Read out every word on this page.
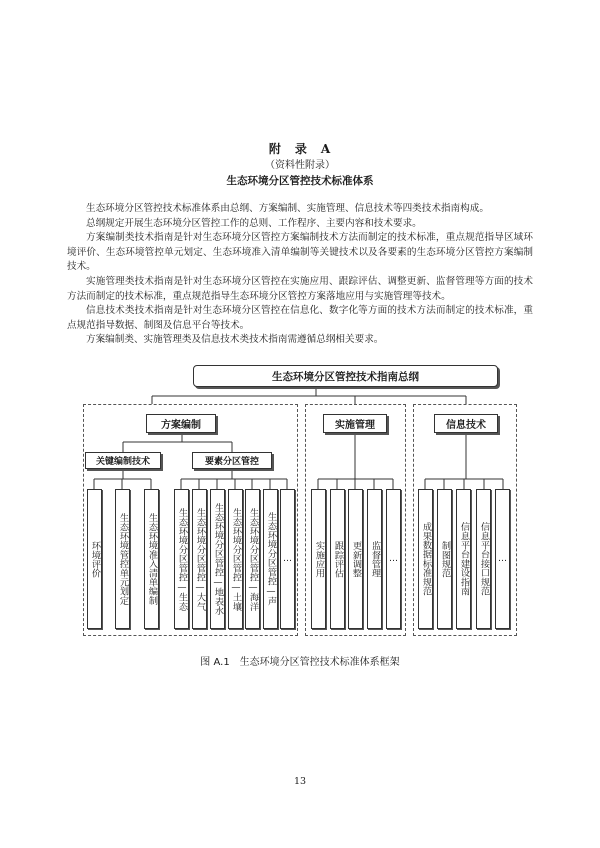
附　录　A
（资料性附录）
生态环境分区管控技术标准体系

生态环境分区管控技术标准体系由总纲、方案编制、实施管理、信息技术等四类技术指南构成。

总纲规定开展生态环境分区管控工作的总则、工作程序、主要内容和技术要求。

方案编制类技术指南是针对生态环境分区管控方案编制技术方法而制定的技术标准，重点规范指导区域环境评价、生态环境管控单元划定、生态环境准入清单编制等关键技术以及各要素的生态环境分区管控方案编制技术。

实施管理类技术指南是针对生态环境分区管控在实施应用、跟踪评估、调整更新、监督管理等方面的技术方法而制定的技术标准，重点规范指导生态环境分区管控方案落地应用与实施管理等技术。

信息技术类技术指南是针对生态环境分区管控在信息化、数字化等方面的技术方法而制定的技术标准，重点规范指导数据、制图及信息平台等技术。

方案编制类、实施管理类及信息技术类技术指南需遵循总纲相关要求。

生态环境分区管控技术指南总纲
方案编制	实施管理	信息技术
关键编制技术	要素分区管控
环境评价 生态环境管控单元划定 生态环境准入清单编制 生态环境分区管控—生态 生态环境分区管控—大气 生态环境分区管控—地表水 生态环境分区管控—土壤 生态环境分区管控—海洋 生态环境分区管控—声 …	实施应用 跟踪评估 更新调整 监督管理 …	成果数据标准规范 制图规范 信息平台建设指南 信息平台接口规范 …
图 A.1　生态环境分区管控技术标准体系框架
13
